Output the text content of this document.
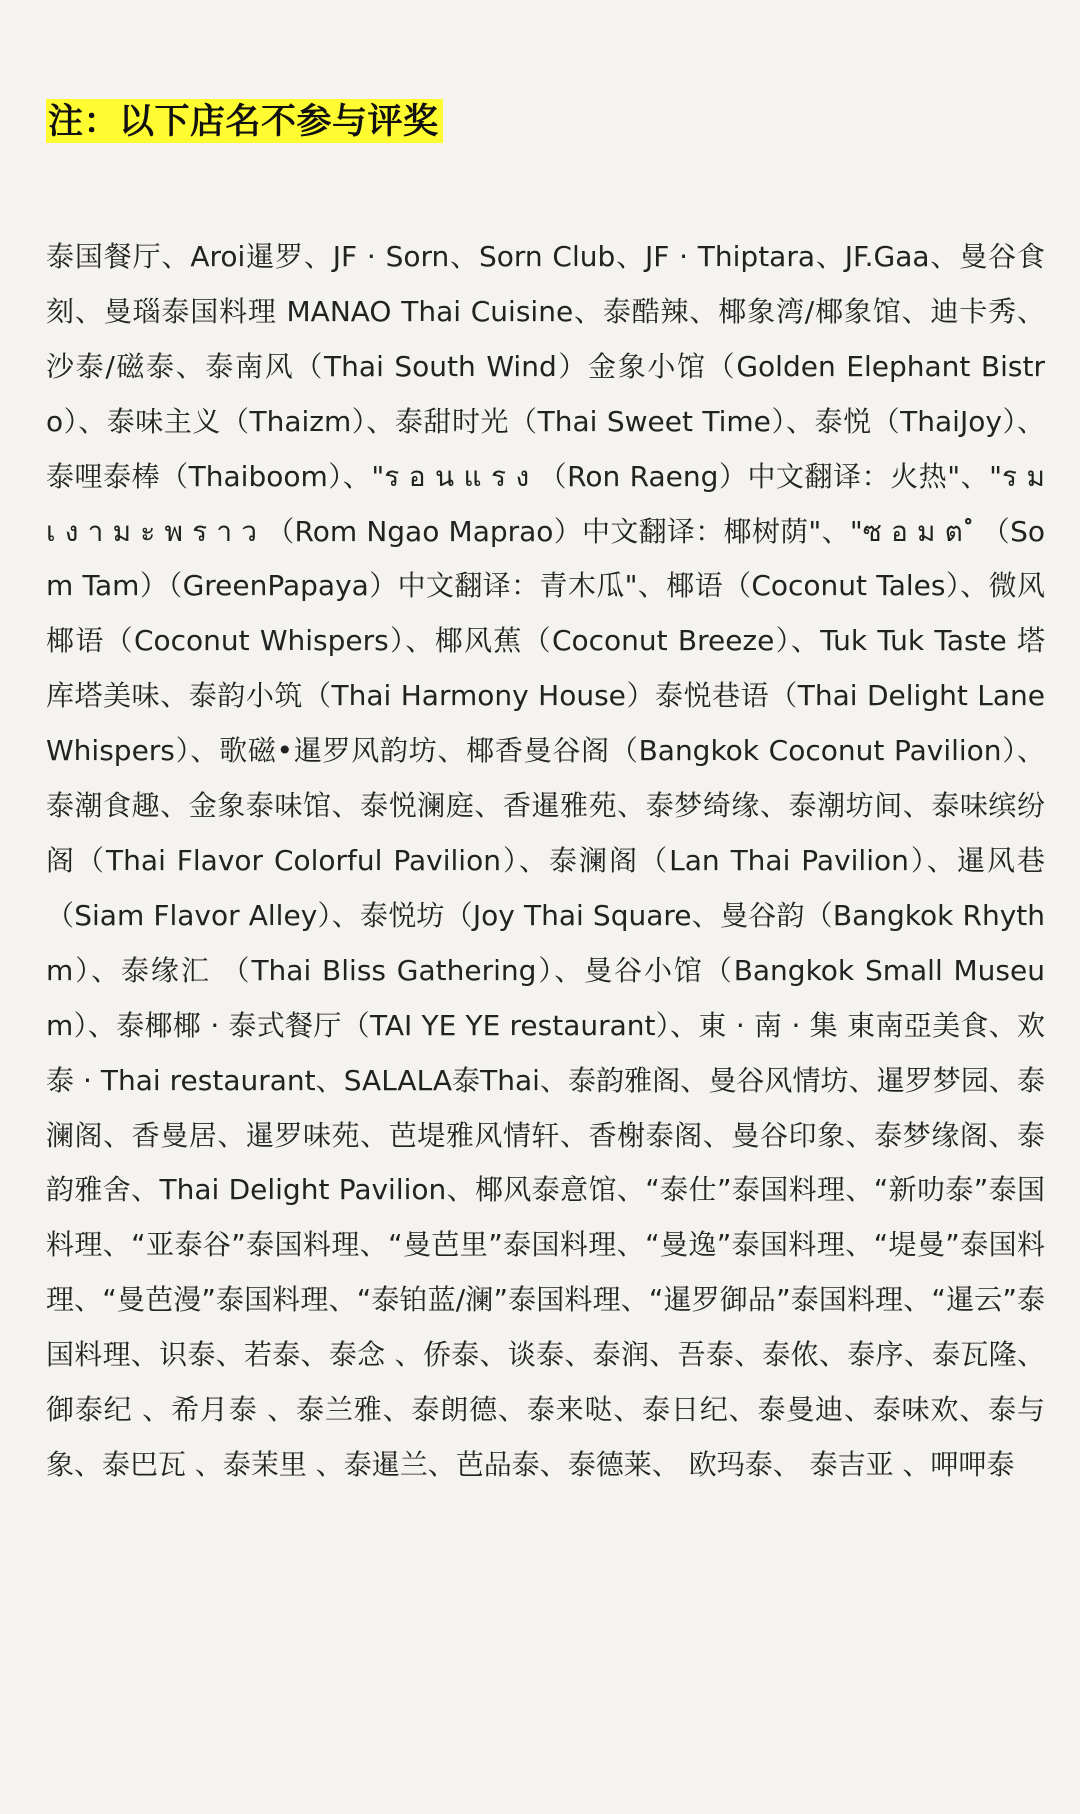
注：以下店名不参与评奖

泰国餐厅、Aroi暹罗、JF · Sorn、Sorn Club、JF · Thiptara、JF.Gaa、曼谷食刻、曼瑙泰国料理 MANAO Thai Cuisine、泰酷辣、椰象湾/椰象馆、迪卡秀、沙泰/磁泰、泰南风（Thai South Wind）金象小馆（Golden Elephant Bistro）、泰味主义（Thaizm）、泰甜时光（Thai Sweet Time）、泰悦（ThaiJoy）、泰哩泰棒（Thaiboom）、"ร อ น แ ร ง （Ron Raeng）中文翻译：火热"、"ร ม เ ง า ม ะ พ ร า ว （Rom Ngao Maprao）中文翻译：椰树荫"、"ซ อ ม ต ํ （Som Tam）（GreenPapaya）中文翻译：青木瓜"、椰语（Coconut Tales）、微风椰语（Coconut Whispers）、椰风蕉（Coconut Breeze）、Tuk Tuk Taste 塔库塔美味、泰韵小筑（Thai Harmony House）泰悦巷语（Thai Delight Lane Whispers）、歌磁•暹罗风韵坊、椰香曼谷阁（Bangkok Coconut Pavilion）、泰潮食趣、金象泰味馆、泰悦澜庭、香暹雅苑、泰梦绮缘、泰潮坊间、泰味缤纷阁（Thai Flavor Colorful Pavilion）、泰澜阁（Lan Thai Pavilion）、暹风巷（Siam Flavor Alley）、泰悦坊（Joy Thai Square、曼谷韵（Bangkok Rhythm）、泰缘汇 （Thai Bliss Gathering）、曼谷小馆（Bangkok Small Museum）、泰椰椰 · 泰式餐厅（TAI YE YE restaurant）、東 · 南 · 集 東南亞美食、欢泰 · Thai restaurant、SALALA泰Thai、泰韵雅阁、曼谷风情坊、暹罗梦园、泰澜阁、香曼居、暹罗味苑、芭堤雅风情轩、香榭泰阁、曼谷印象、泰梦缘阁、泰韵雅舍、Thai Delight Pavilion、椰风泰意馆、“泰仕”泰国料理、“新叻泰”泰国料理、“亚泰谷”泰国料理、“曼芭里”泰国料理、“曼逸”泰国料理、“堤曼”泰国料理、“曼芭漫”泰国料理、“泰铂蓝/澜”泰国料理、“暹罗御品”泰国料理、“暹云”泰国料理、识泰、若泰、泰念 、侨泰、谈泰、泰润、吾泰、泰侬、泰序、泰瓦隆、御泰纪 、希月泰 、泰兰雅、泰朗德、泰来哒、泰日纪、泰曼迪、泰味欢、泰与象、泰巴瓦 、泰茉里 、泰暹兰、芭品泰、泰德莱、 欧玛泰、 泰吉亚 、呷呷泰
